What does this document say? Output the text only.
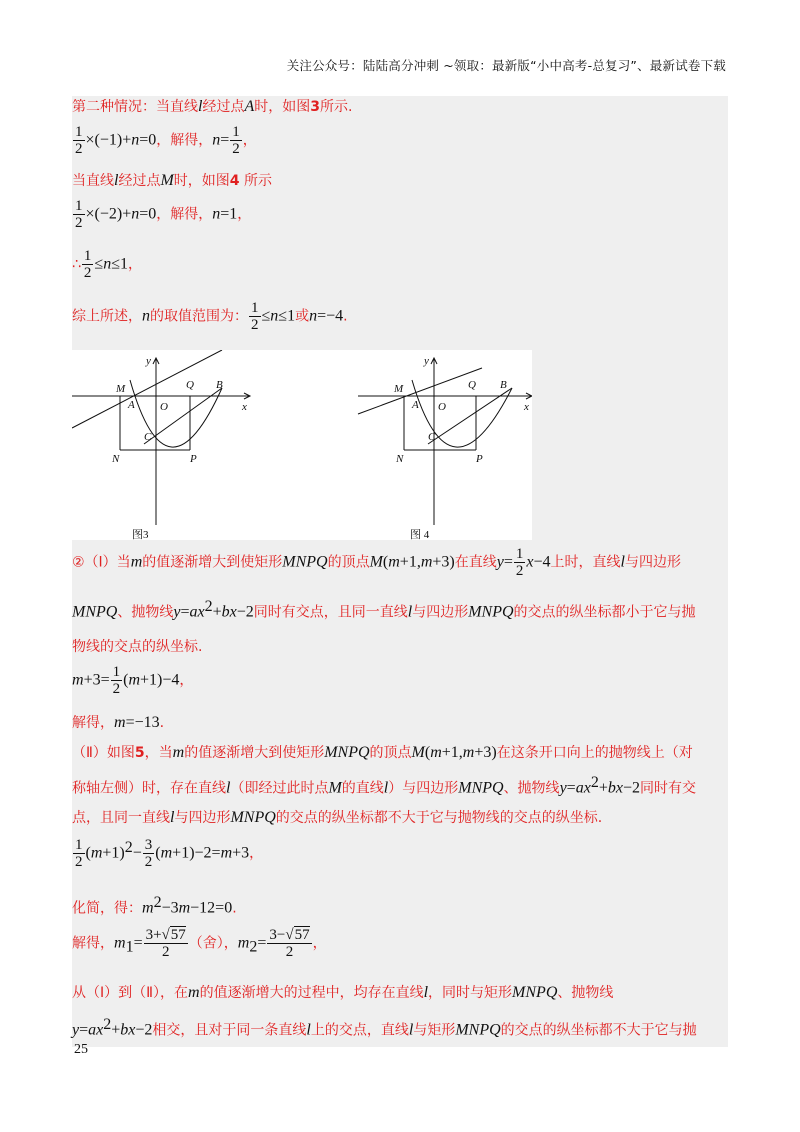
关注公众号：陆陆高分冲刺 ~领取：最新版“小中高考-总复习”、最新试卷下载
第二种情况：当直线l经过点A时，如图3所示.
$\frac{1}{2} \times(-1)+n=0$，解得，$n= \frac{1}{2}$ ，
当直线l经过点M时，如图4 所示
$\frac{1}{2} \times(-2)+n=0$，解得，n=1，
∴ $\frac{1}{2} \le n\le 1$，
综上所述，n的取值范围为： $\frac{1}{2} \le n\le 1$或n=−4.
y
M	Q B
A O	x
C
N	P
y
M	Q B
A O	x
C
N	P
图3	图 4
②（Ⅰ）当m的值逐渐增大到使矩形MNPQ的顶点M(m+1,m+3)在直线$y= \frac{1}{2} x-4$上时，直线l与四边形
MNPQ、抛物线$y=ax^2+bx-2$同时有交点，且同一直线l与四边形MNPQ的交点的纵坐标都小于它与抛
物线的交点的纵坐标.
$m+3= \frac{1}{2} (m+1)-4$，
解得，m=−13.
（Ⅱ）如图5，当m的值逐渐增大到使矩形MNPQ的顶点M(m+1,m+3)在这条开口向上的抛物线上（对
称轴左侧）时，存在直线l（即经过此时点M的直线l）与四边形MNPQ、抛物线$y=ax^2+bx-2$同时有交
点，且同一直线l与四边形MNPQ的交点的纵坐标都不大于它与抛物线的交点的纵坐标.
$\frac{1}{2} (m+1)^2- \frac{3}{2} (m+1)-2=m+3$，
化简，得：$m^2-3m-12=0$.
解得，$m_1= \frac{3+√57}{2}$ （舍），$m_2= \frac{3-√57}{2}$ ，
从（Ⅰ）到（Ⅱ），在m的值逐渐增大的过程中，均存在直线l，同时与矩形MNPQ、抛物线
$y=ax^2+bx-2$相交，且对于同一条直线l上的交点，直线l与矩形MNPQ的交点的纵坐标都不大于它与抛
25
